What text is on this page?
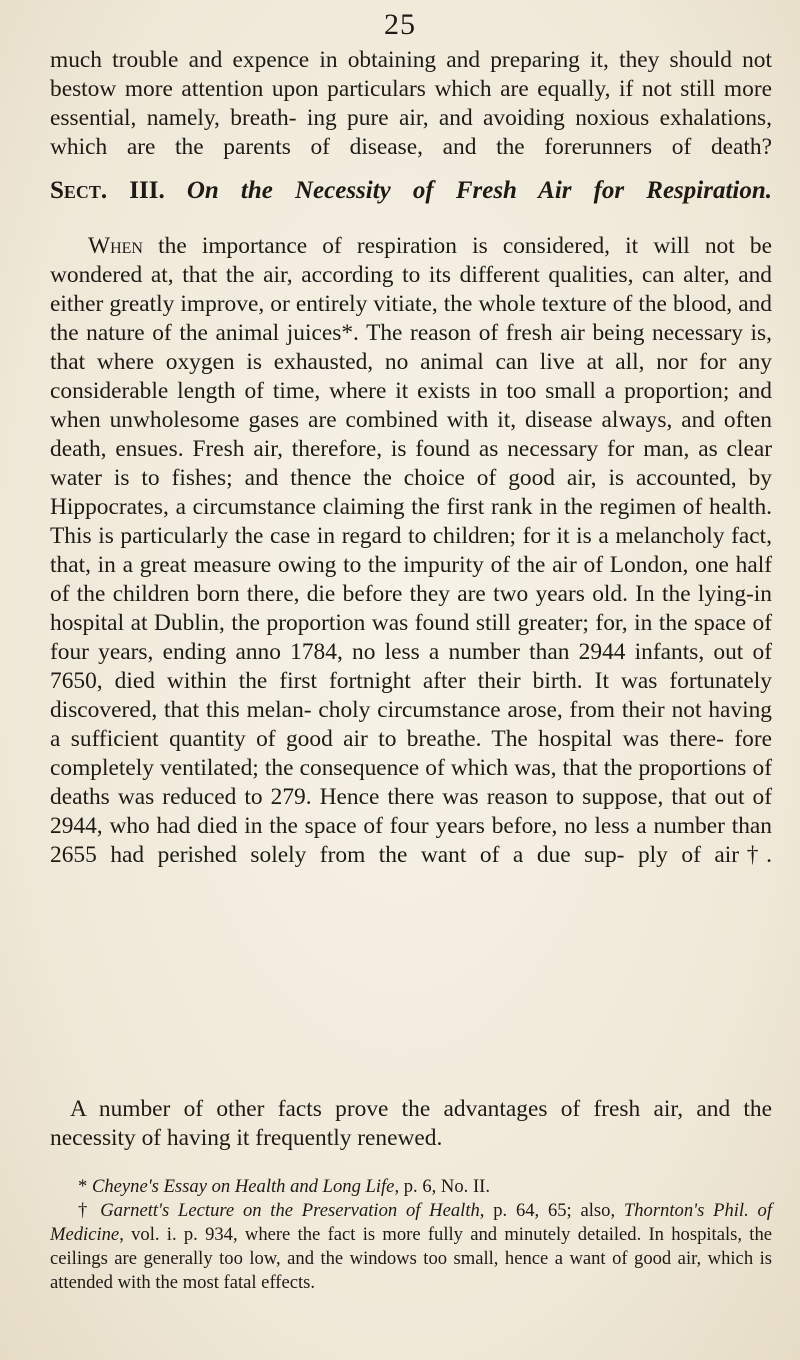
25

much trouble and expence in obtaining and preparing it, they should not bestow more attention upon particulars which are equally, if not still more essential, namely, breath- ing pure air, and avoiding noxious exhalations, which are the parents of disease, and the forerunners of death?

Sect. III. On the Necessity of Fresh Air for Respiration.

When the importance of respiration is considered, it will not be wondered at, that the air, according to its different qualities, can alter, and either greatly improve, or entirely vitiate, the whole texture of the blood, and the nature of the animal juices*. The reason of fresh air being necessary is, that where oxygen is exhausted, no animal can live at all, nor for any considerable length of time, where it exists in too small a proportion; and when unwholesome gases are combined with it, disease always, and often death, ensues. Fresh air, therefore, is found as necessary for man, as clear water is to fishes; and thence the choice of good air, is accounted, by Hippocrates, a circumstance claiming the first rank in the regimen of health. This is particularly the case in regard to children; for it is a melancholy fact, that, in a great measure owing to the impurity of the air of London, one half of the children born there, die before they are two years old. In the lying-in hospital at Dublin, the proportion was found still greater; for, in the space of four years, ending anno 1784, no less a number than 2944 infants, out of 7650, died within the first fortnight after their birth. It was fortunately discovered, that this melan- choly circumstance arose, from their not having a sufficient quantity of good air to breathe. The hospital was there- fore completely ventilated; the consequence of which was, that the proportions of deaths was reduced to 279. Hence there was reason to suppose, that out of 2944, who had died in the space of four years before, no less a number than 2655 had perished solely from the want of a due sup- ply of air†.

A number of other facts prove the advantages of fresh air, and the necessity of having it frequently renewed.

* Cheyne's Essay on Health and Long Life, p. 6, No. II.

† Garnett's Lecture on the Preservation of Health, p. 64, 65; also, Thornton's Phil. of Medicine, vol. i. p. 934, where the fact is more fully and minutely detailed. In hospitals, the ceilings are generally too low, and the windows too small, hence a want of good air, which is attended with the most fatal effects.
